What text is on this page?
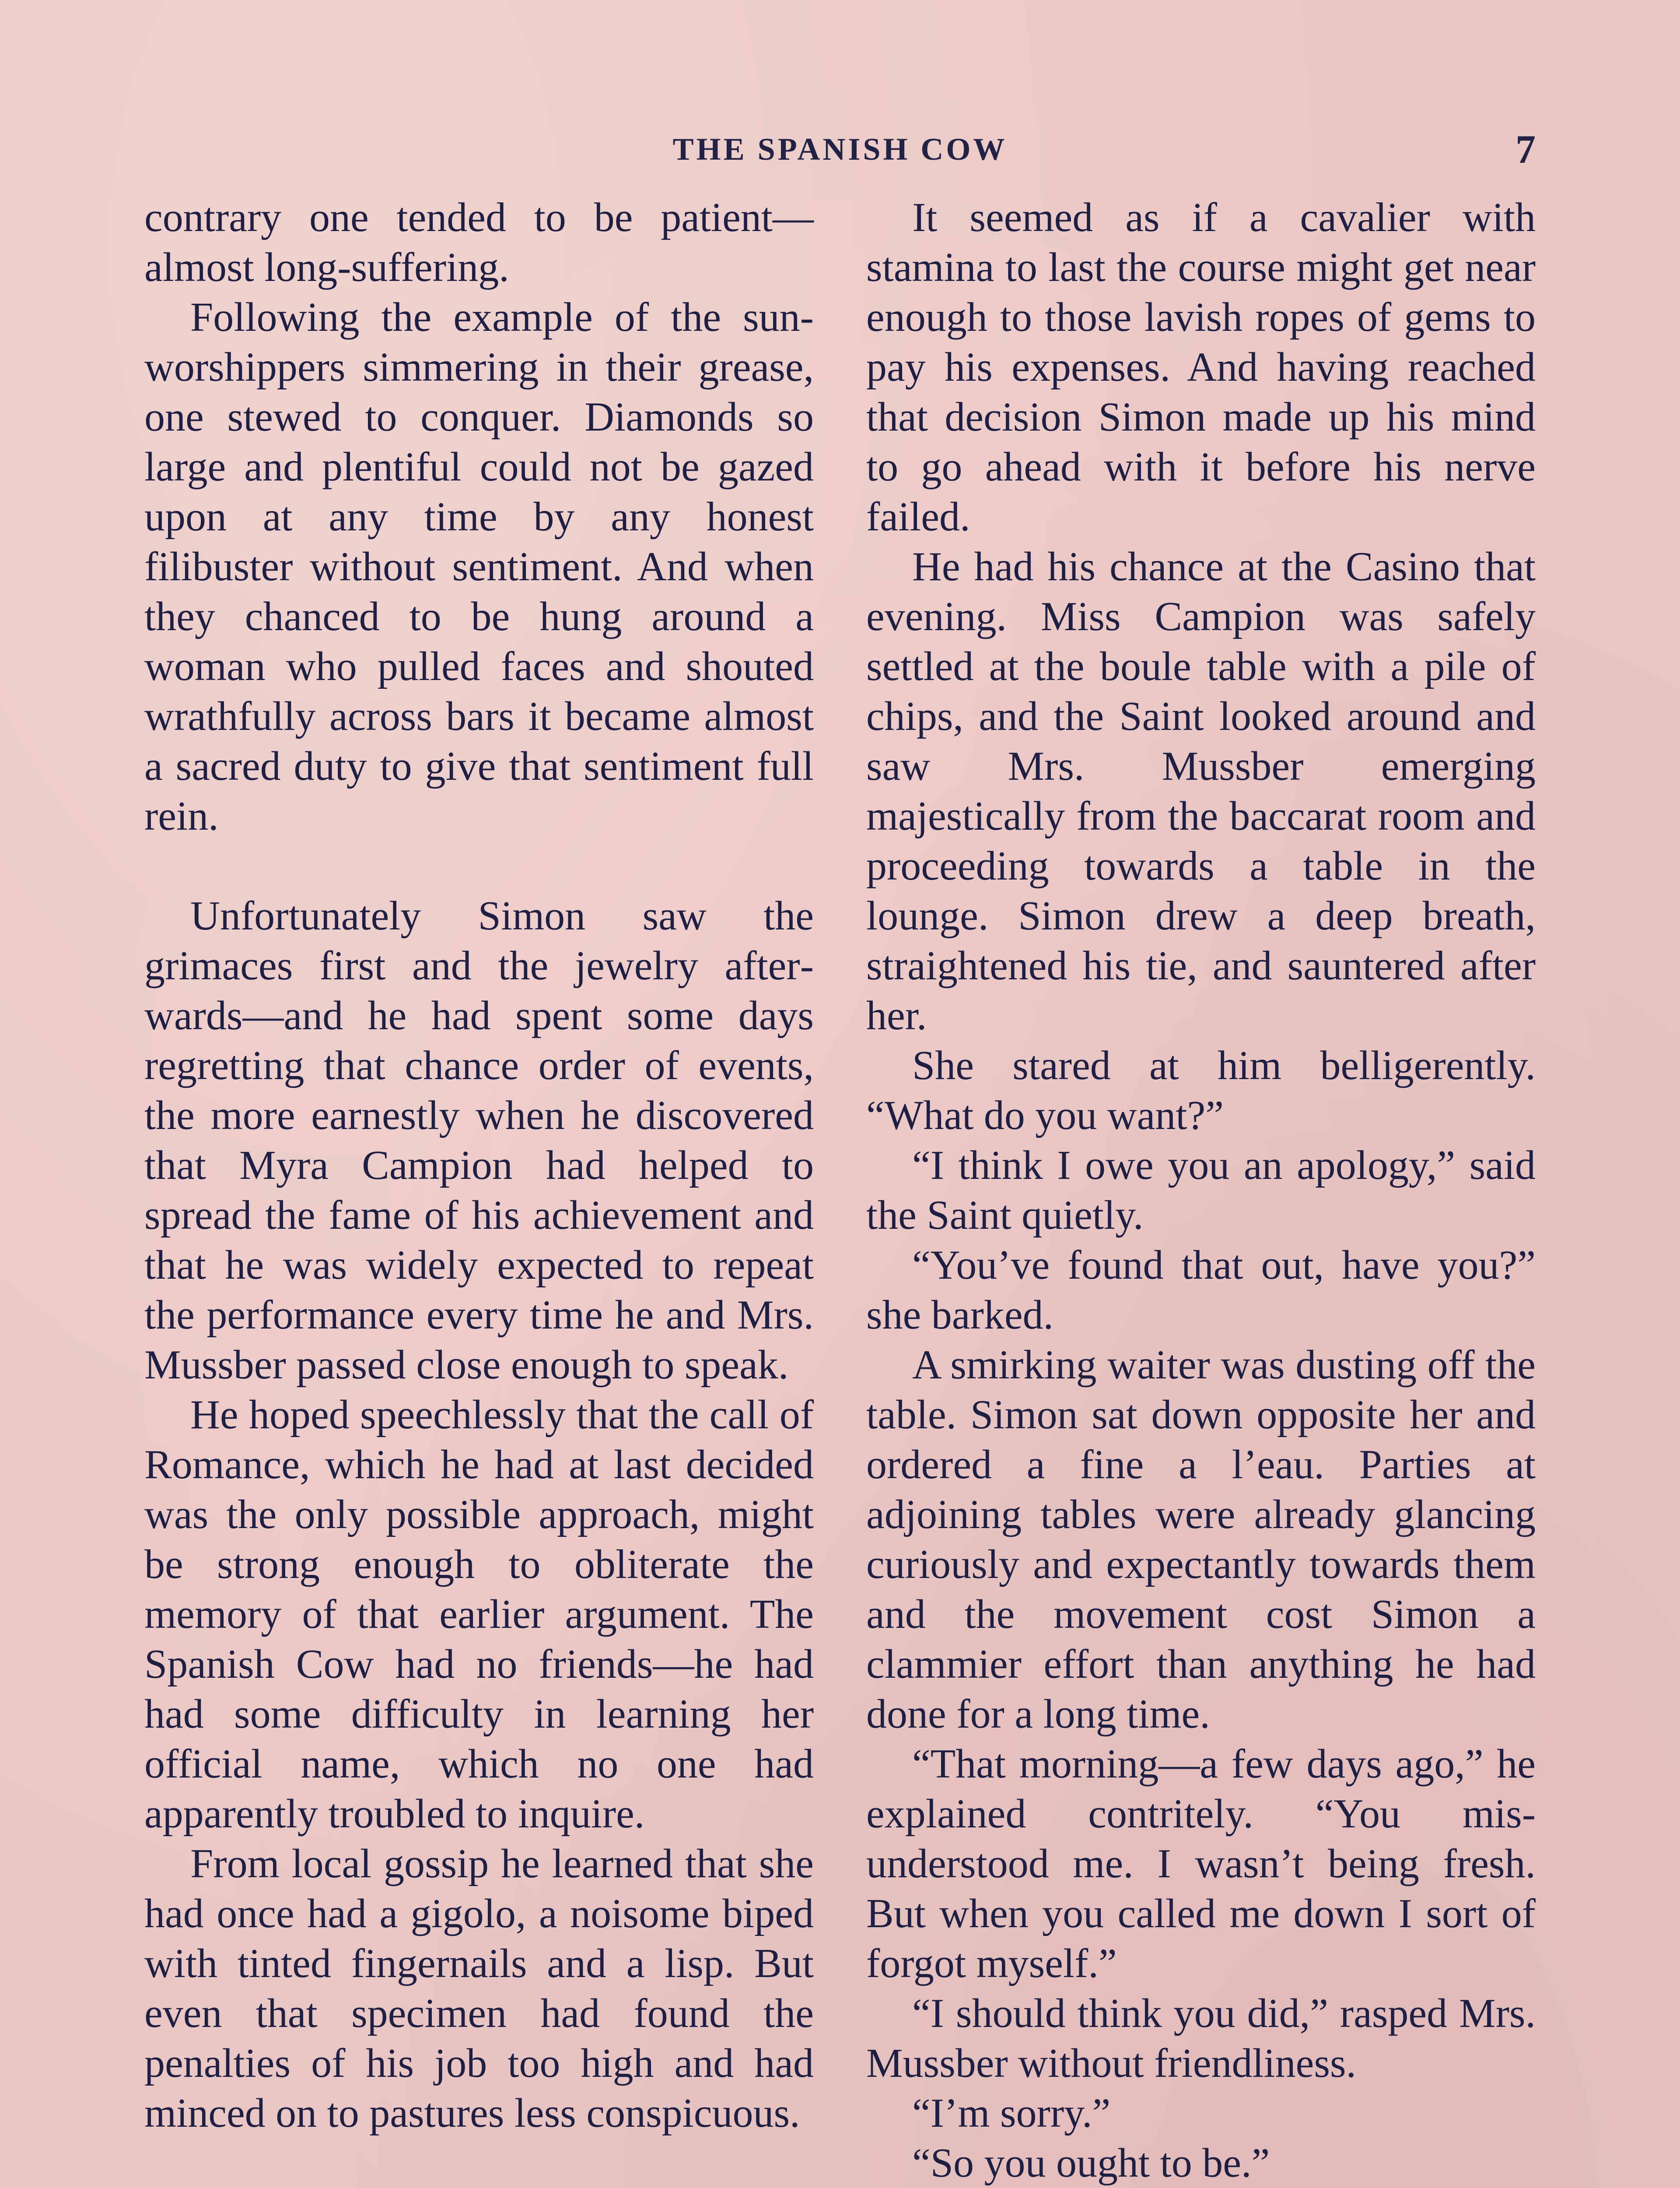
THE SPANISH COW	7

contrary one tended to be patient—almost long-suffering.

Following the example of the sun-worshippers simmering in their grease, one stewed to conquer. Diamonds so large and plentiful could not be gazed upon at any time by any honest filibuster without sentiment. And when they chanced to be hung around a woman who pulled faces and shouted wrathfully across bars it became almost a sacred duty to give that sentiment full rein.

Unfortunately Simon saw the grimaces first and the jewelry afterwards—and he had spent some days regretting that chance order of events, the more earnestly when he discovered that Myra Campion had helped to spread the fame of his achievement and that he was widely expected to repeat the performance every time he and Mrs. Mussber passed close enough to speak.

He hoped speechlessly that the call of Romance, which he had at last decided was the only possible approach, might be strong enough to obliterate the memory of that earlier argument. The Spanish Cow had no friends—he had had some difficulty in learning her official name, which no one had apparently troubled to inquire.

From local gossip he learned that she had once had a gigolo, a noisome biped with tinted fingernails and a lisp. But even that specimen had found the penalties of his job too high and had minced on to pastures less conspicuous.

It seemed as if a cavalier with stamina to last the course might get near enough to those lavish ropes of gems to pay his expenses. And having reached that decision Simon made up his mind to go ahead with it before his nerve failed.

He had his chance at the Casino that evening. Miss Campion was safely settled at the boule table with a pile of chips, and the Saint looked around and saw Mrs. Mussber emerging majestically from the baccarat room and proceeding towards a table in the lounge. Simon drew a deep breath, straightened his tie, and sauntered after her.

She stared at him belligerently. “What do you want?”

“I think I owe you an apology,” said the Saint quietly.

“You’ve found that out, have you?” she barked.

A smirking waiter was dusting off the table. Simon sat down opposite her and ordered a fine a l’eau. Parties at adjoining tables were already glancing curiously and expectantly towards them and the movement cost Simon a clammier effort than anything he had done for a long time.

“That morning—a few days ago,” he explained contritely. “You misunderstood me. I wasn’t being fresh. But when you called me down I sort of forgot myself.”

“I should think you did,” rasped Mrs. Mussber without friendliness.

“I’m sorry.”

“So you ought to be.”
